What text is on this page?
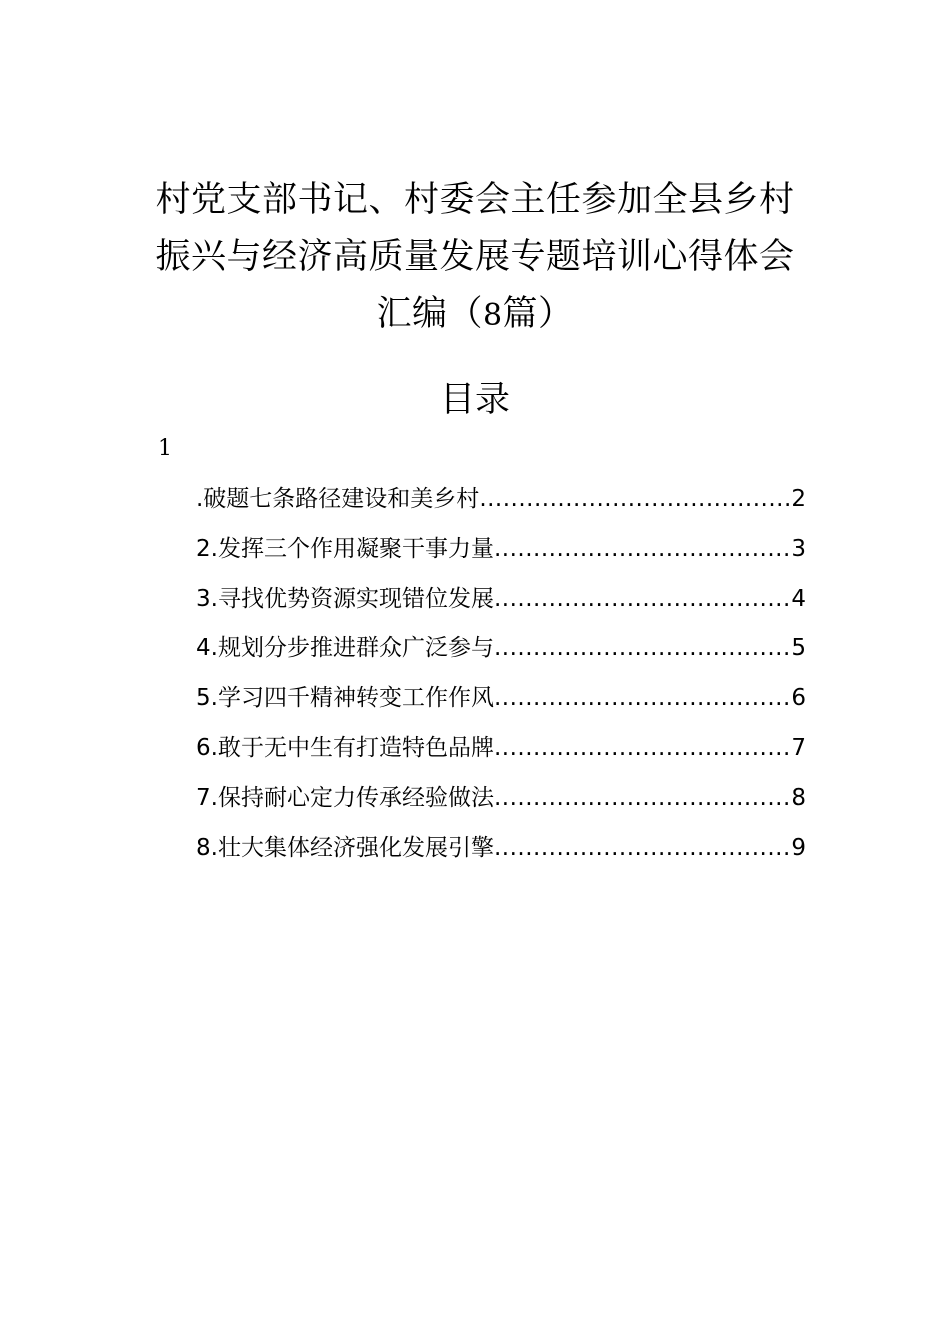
村党支部书记、村委会主任参加全县乡村
振兴与经济高质量发展专题培训心得体会
汇编（8篇）
目录
1
.破题七条路径建设和美乡村 .....	2
2.发挥三个作用凝聚干事力量 .....	3
3.寻找优势资源实现错位发展 .....	4
4.规划分步推进群众广泛参与 .....	5
5.学习四千精神转变工作作风 .....	6
6.敢于无中生有打造特色品牌 .....	7
7.保持耐心定力传承经验做法 .....	8
8.壮大集体经济强化发展引擎 .....	9
